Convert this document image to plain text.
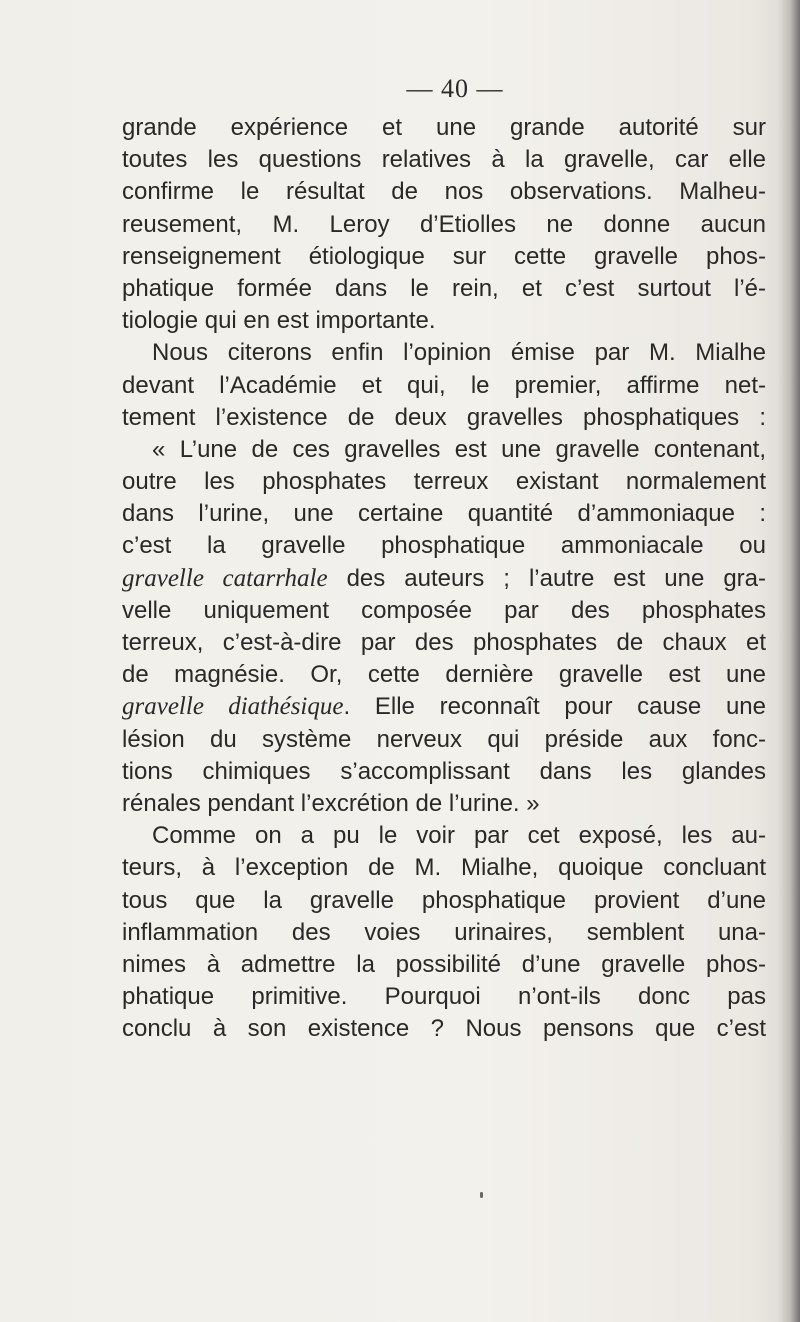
— 40 —
grande expérience et une grande autorité sur
toutes les questions relatives à la gravelle, car elle
confirme le résultat de nos observations. Malheu-
reusement, M. Leroy d’Etiolles ne donne aucun
renseignement étiologique sur cette gravelle phos-
phatique formée dans le rein, et c’est surtout l’é-
tiologie qui en est importante.
Nous citerons enfin l’opinion émise par M. Mialhe
devant l’Académie et qui, le premier, affirme net-
tement l’existence de deux gravelles phosphatiques :
« L’une de ces gravelles est une gravelle contenant,
outre les phosphates terreux existant normalement
dans l’urine, une certaine quantité d’ammoniaque :
c’est la gravelle phosphatique ammoniacale ou
gravelle catarrhale des auteurs ; l’autre est une gra-
velle uniquement composée par des phosphates
terreux, c’est-à-dire par des phosphates de chaux et
de magnésie. Or, cette dernière gravelle est une
gravelle diathésique. Elle reconnaît pour cause une
lésion du système nerveux qui préside aux fonc-
tions chimiques s’accomplissant dans les glandes
rénales pendant l’excrétion de l’urine. »
Comme on a pu le voir par cet exposé, les au-
teurs, à l’exception de M. Mialhe, quoique concluant
tous que la gravelle phosphatique provient d’une
inflammation des voies urinaires, semblent una-
nimes à admettre la possibilité d’une gravelle phos-
phatique primitive. Pourquoi n’ont-ils donc pas
conclu à son existence ? Nous pensons que c’est
